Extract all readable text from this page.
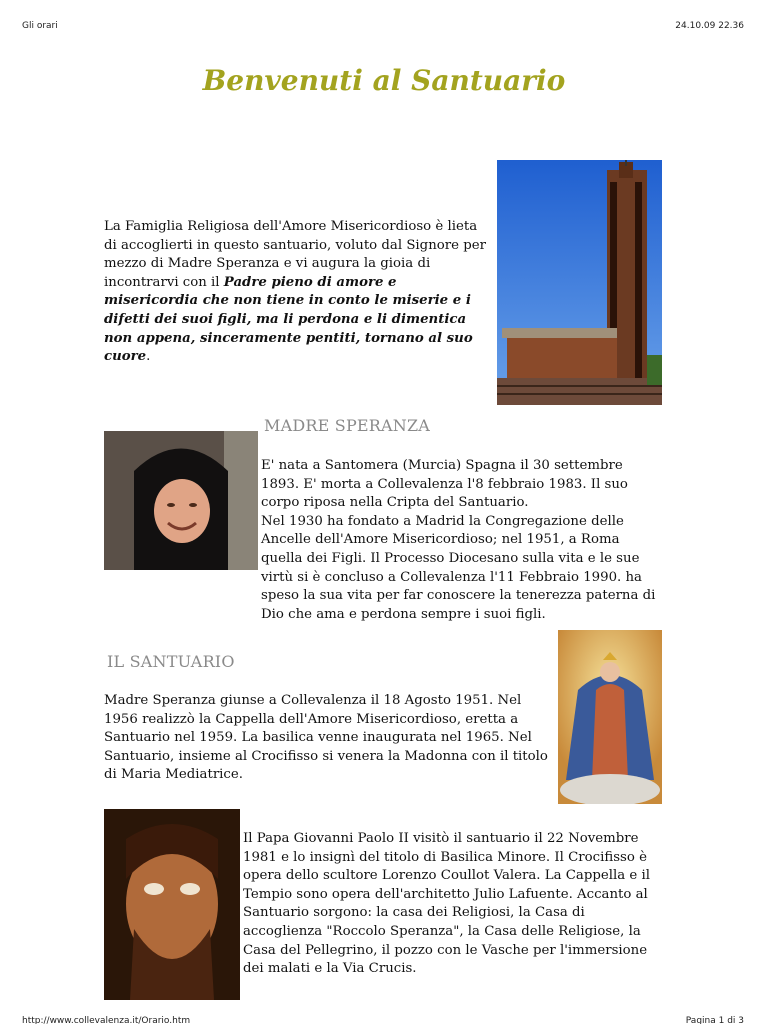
Gli orari	24.10.09 22.36
Benvenuti al Santuario

La Famiglia Religiosa dell'Amore Misericordioso è lieta di accoglierti in questo santuario, voluto dal Signore per mezzo di Madre Speranza e vi augura la gioia di incontrarvi con il Padre pieno di amore e misericordia che non tiene in conto le miserie e i difetti dei suoi figli, ma li perdona e li dimentica non appena, sinceramente pentiti, tornano al suo cuore.

MADRE SPERANZA

E' nata a Santomera (Murcia) Spagna il 30 settembre 1893. E' morta a Collevalenza l'8 febbraio 1983. Il suo corpo riposa nella Cripta del Santuario.
Nel 1930 ha fondato a Madrid la Congregazione delle Ancelle dell'Amore Misericordioso; nel 1951, a Roma quella dei Figli. Il Processo Diocesano sulla vita e le sue virtù si è concluso a Collevalenza l'11 Febbraio 1990. ha speso la sua vita per far conoscere la tenerezza paterna di Dio che ama e perdona sempre i suoi figli.

IL SANTUARIO

Madre Speranza giunse a Collevalenza il 18 Agosto 1951. Nel 1956 realizzò la Cappella dell'Amore Misericordioso, eretta a Santuario nel 1959. La basilica venne inaugurata nel 1965. Nel Santuario, insieme al Crocifisso si venera la Madonna con il titolo di Maria Mediatrice.

Il Papa Giovanni Paolo II visitò il santuario il 22 Novembre 1981 e lo insignì del titolo di Basilica Minore. Il Crocifisso è opera dello scultore Lorenzo Coullot Valera. La Cappella e il Tempio sono opera dell'architetto Julio Lafuente. Accanto al Santuario sorgono: la casa dei Religiosi, la Casa di accoglienza "Roccolo Speranza", la Casa delle Religiose, la Casa del Pellegrino, il pozzo con le Vasche per l'immersione dei malati e la Via Crucis.

http://www.collevalenza.it/Orario.htm	Pagina 1 di 3
